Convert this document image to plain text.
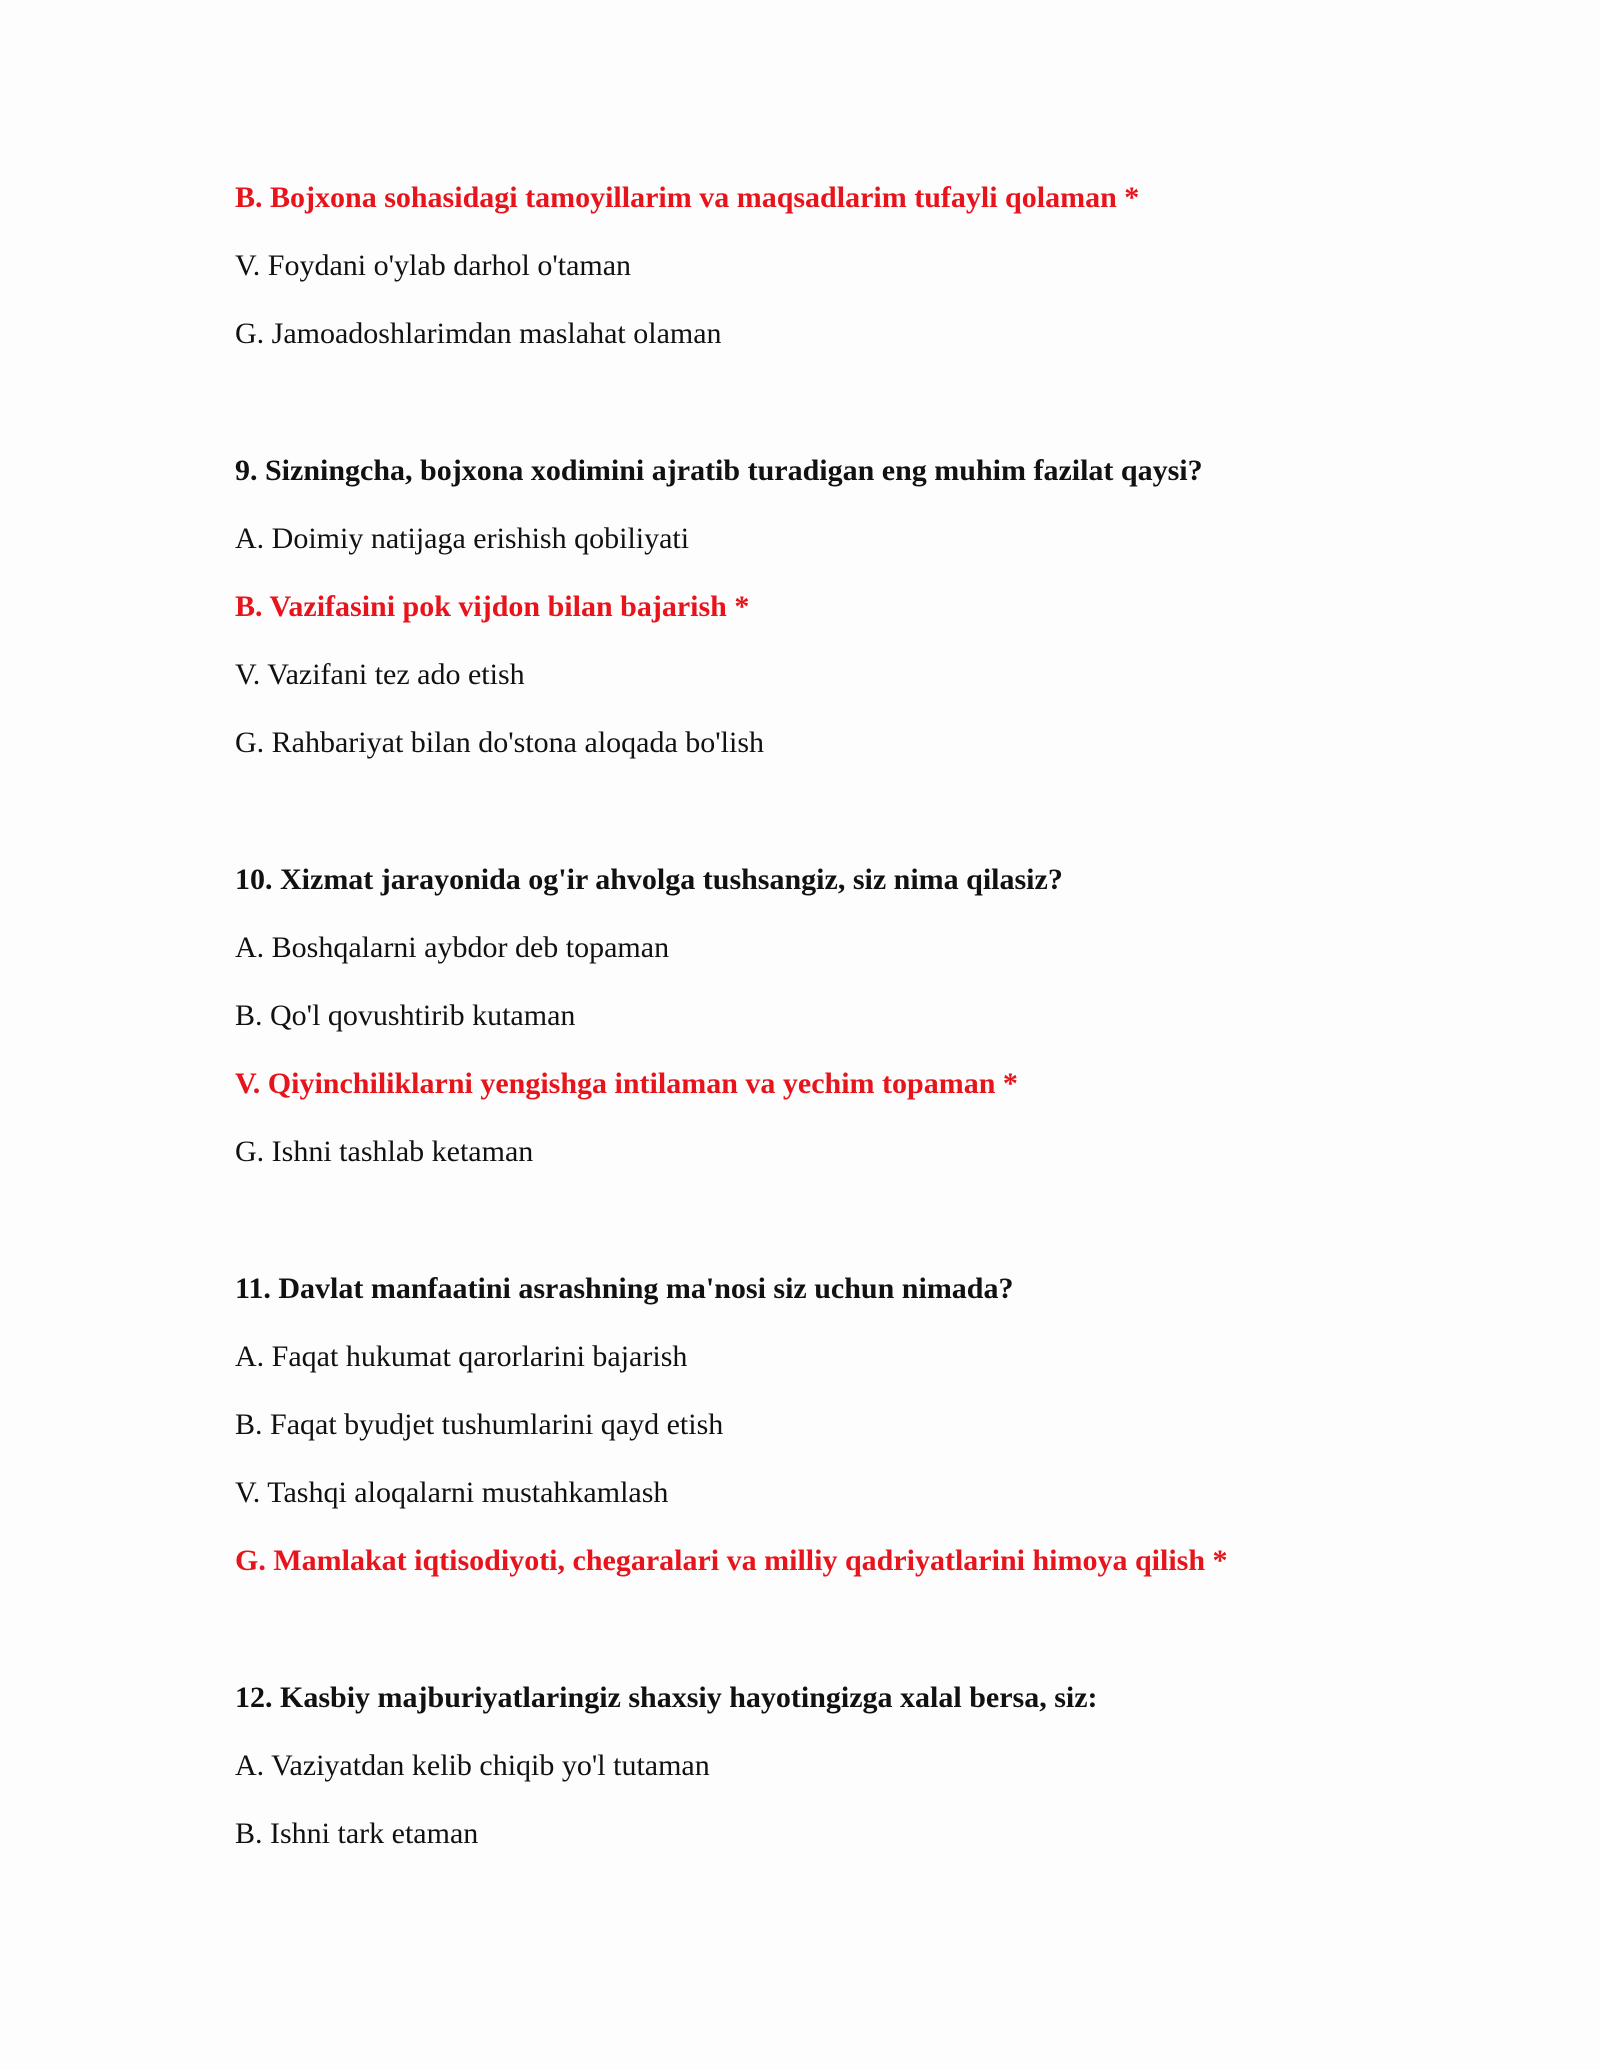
B. Bojxona sohasidagi tamoyillarim va maqsadlarim tufayli qolaman *
V. Foydani o'ylab darhol o'taman
G. Jamoadoshlarimdan maslahat olaman
9. Sizningcha, bojxona xodimini ajratib turadigan eng muhim fazilat qaysi?
A. Doimiy natijaga erishish qobiliyati
B. Vazifasini pok vijdon bilan bajarish *
V. Vazifani tez ado etish
G. Rahbariyat bilan do'stona aloqada bo'lish
10. Xizmat jarayonida og'ir ahvolga tushsangiz, siz nima qilasiz?
A. Boshqalarni aybdor deb topaman
B. Qo'l qovushtirib kutaman
V. Qiyinchiliklarni yengishga intilaman va yechim topaman *
G. Ishni tashlab ketaman
11. Davlat manfaatini asrashning ma'nosi siz uchun nimada?
A. Faqat hukumat qarorlarini bajarish
B. Faqat byudjet tushumlarini qayd etish
V. Tashqi aloqalarni mustahkamlash
G. Mamlakat iqtisodiyoti, chegaralari va milliy qadriyatlarini himoya qilish *
12. Kasbiy majburiyatlaringiz shaxsiy hayotingizga xalal bersa, siz:
A. Vaziyatdan kelib chiqib yo'l tutaman
B. Ishni tark etaman
